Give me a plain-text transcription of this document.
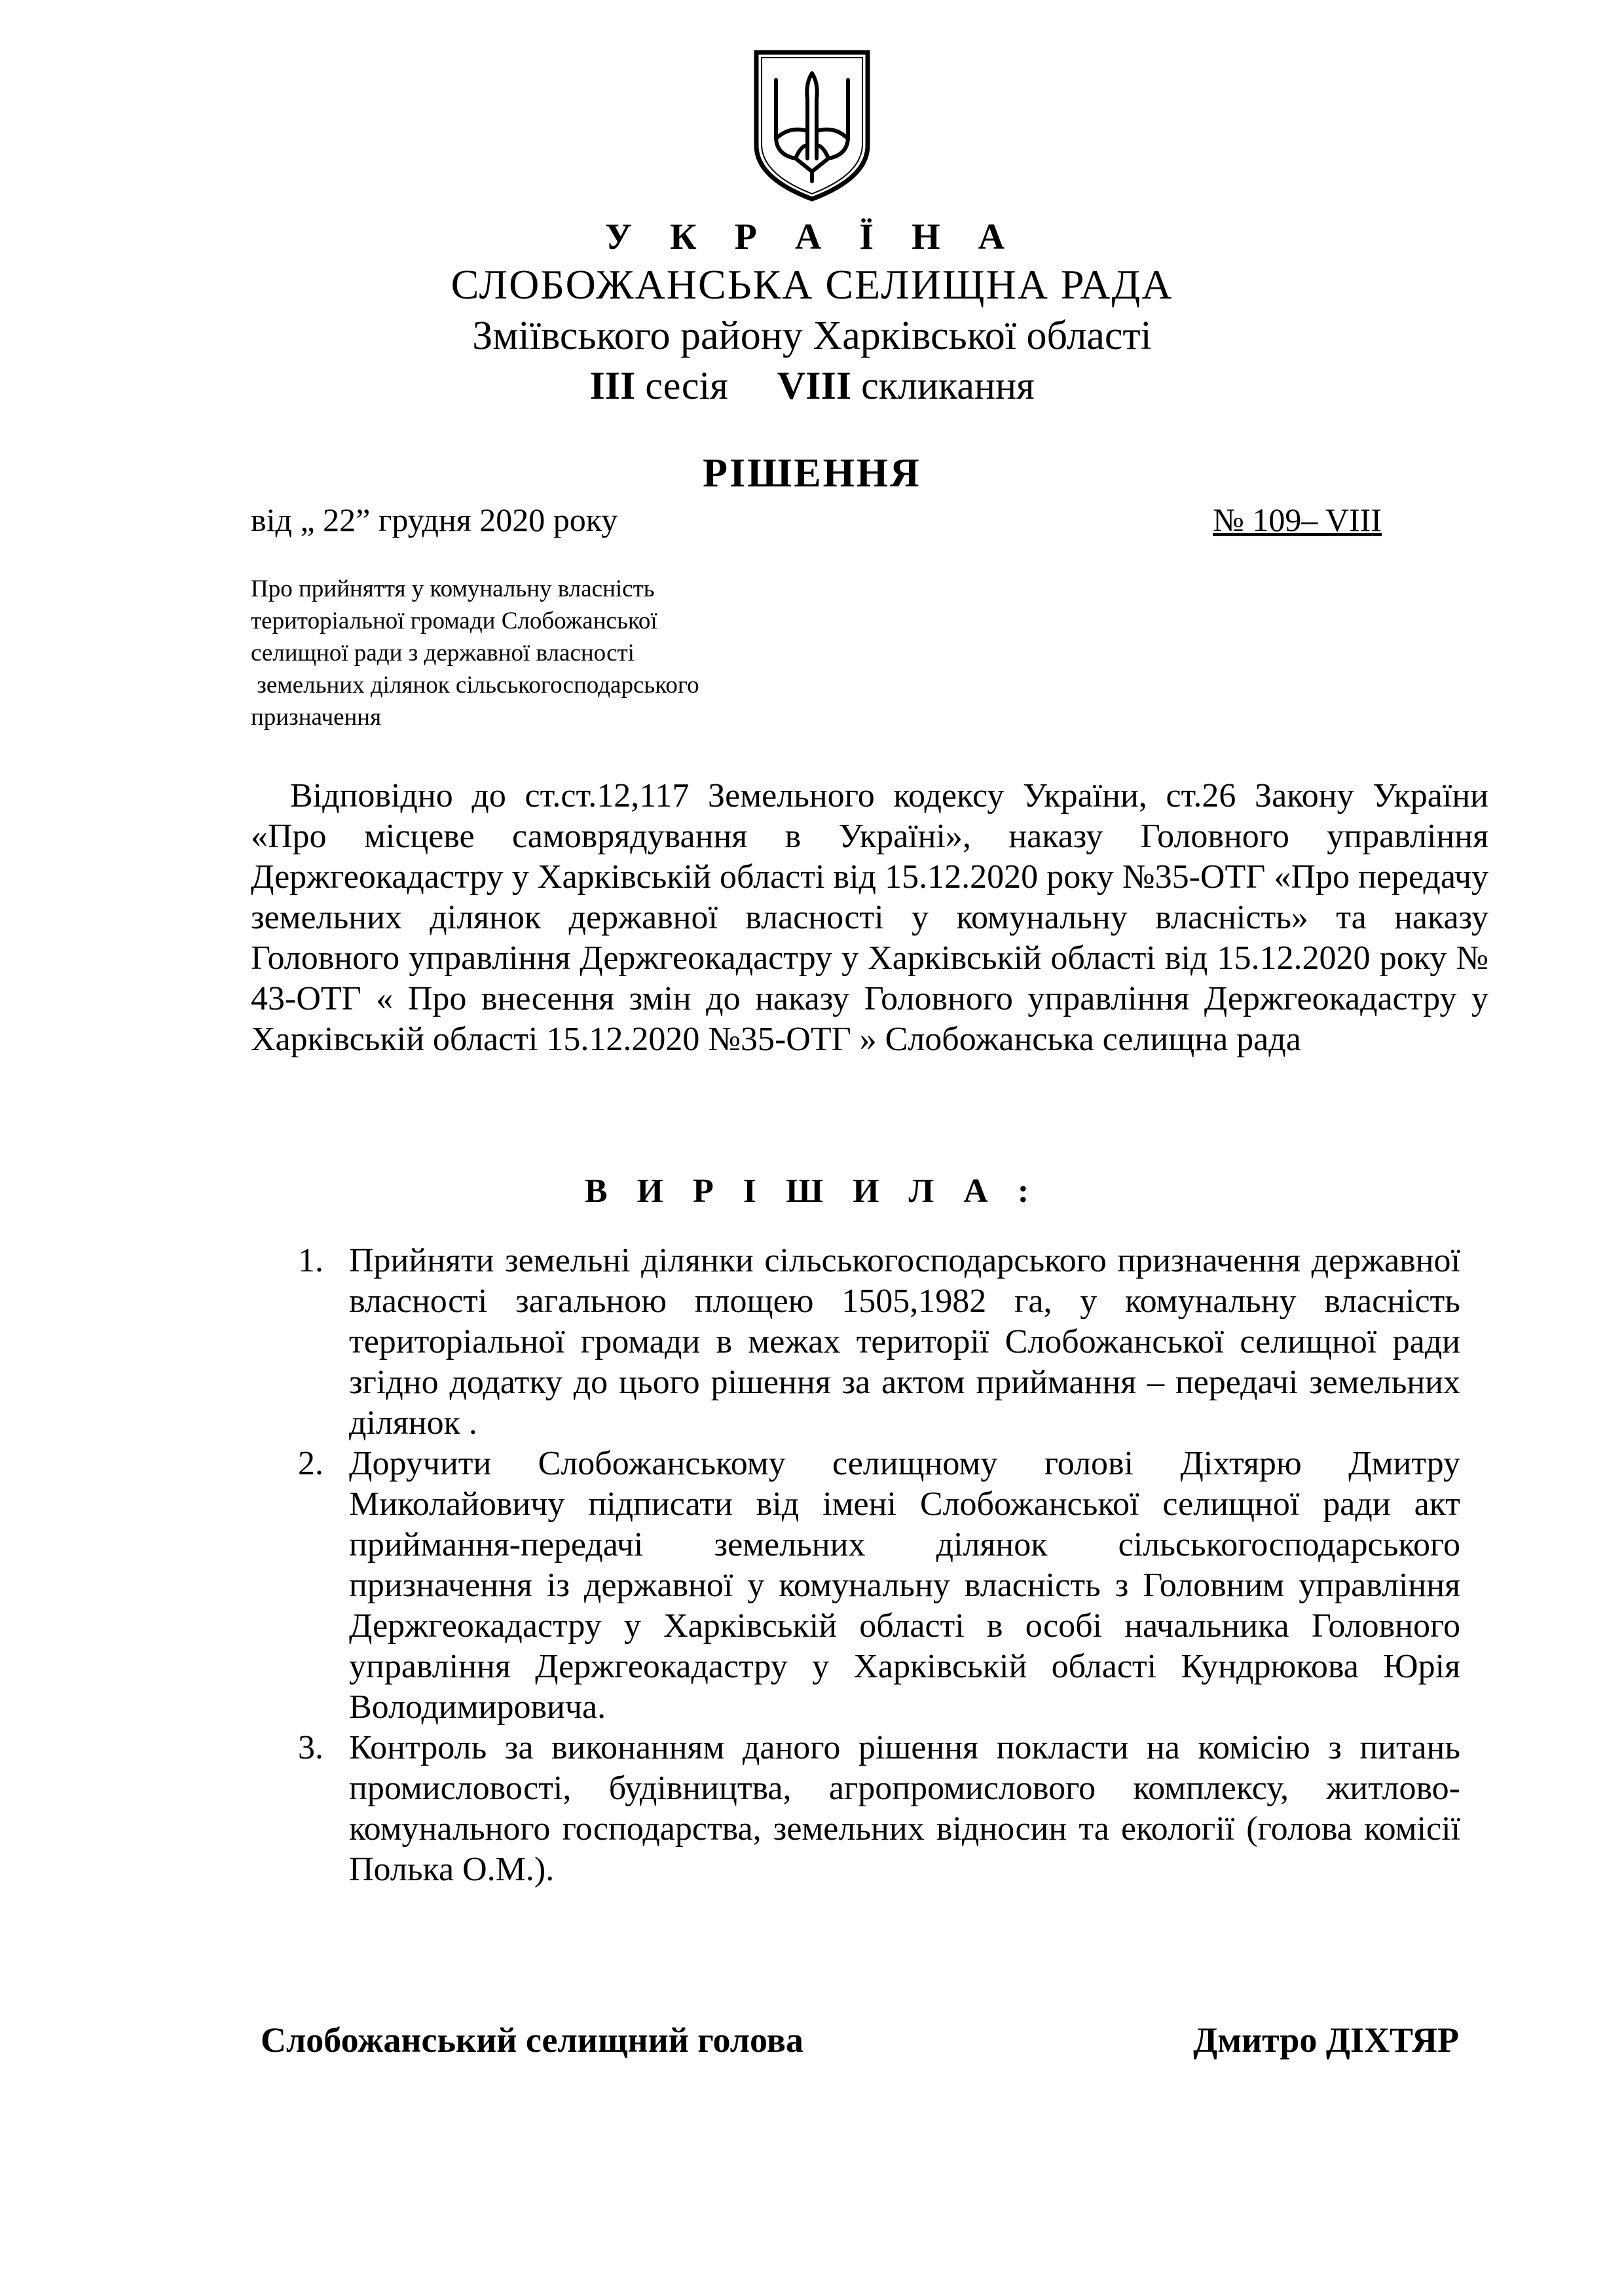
У К Р А Ї Н А
СЛОБОЖАНСЬКА СЕЛИЩНА РАДА
Зміївського району Харківської області
ІІІ сесія VIII скликання
РІШЕННЯ
від „ 22” грудня 2020 року	№ 109– VІІІ
Про прийняття у комунальну власність
територіальної громади Слобожанської
селищної ради з державної власності
земельних ділянок сільськогосподарського
призначення
Відповідно до ст.ст.12,117 Земельного кодексу України, ст.26 Закону України «Про місцеве самоврядування в Україні», наказу Головного управління Держгеокадастру у Харківській області від 15.12.2020 року №35-ОТГ «Про передачу земельних ділянок державної власності у комунальну власність» та наказу Головного управління Держгеокадастру у Харківській області від 15.12.2020 року № 43-ОТГ « Про внесення змін до наказу Головного управління Держгеокадастру у Харківській області 15.12.2020 №35-ОТГ » Слобожанська селищна рада
В И Р І Ш И Л А :
1. Прийняти земельні ділянки сільськогосподарського призначення державної власності загальною площею 1505,1982 га, у комунальну власність територіальної громади в межах території Слобожанської селищної ради згідно додатку до цього рішення за актом приймання – передачі земельних ділянок .
2. Доручити Слобожанському селищному голові Діхтярю Дмитру Миколайовичу підписати від імені Слобожанської селищної ради акт приймання-передачі земельних ділянок сільськогосподарського призначення із державної у комунальну власність з Головним управління Держгеокадастру у Харківській області в особі начальника Головного управління Держгеокадастру у Харківській області Кундрюкова Юрія Володимировича.
3. Контроль за виконанням даного рішення покласти на комісію з питань промисловості, будівництва, агропромислового комплексу, житлово-комунального господарства, земельних відносин та екології (голова комісії Полька О.М.).
Слобожанський селищний голова	Дмитро ДІХТЯР
